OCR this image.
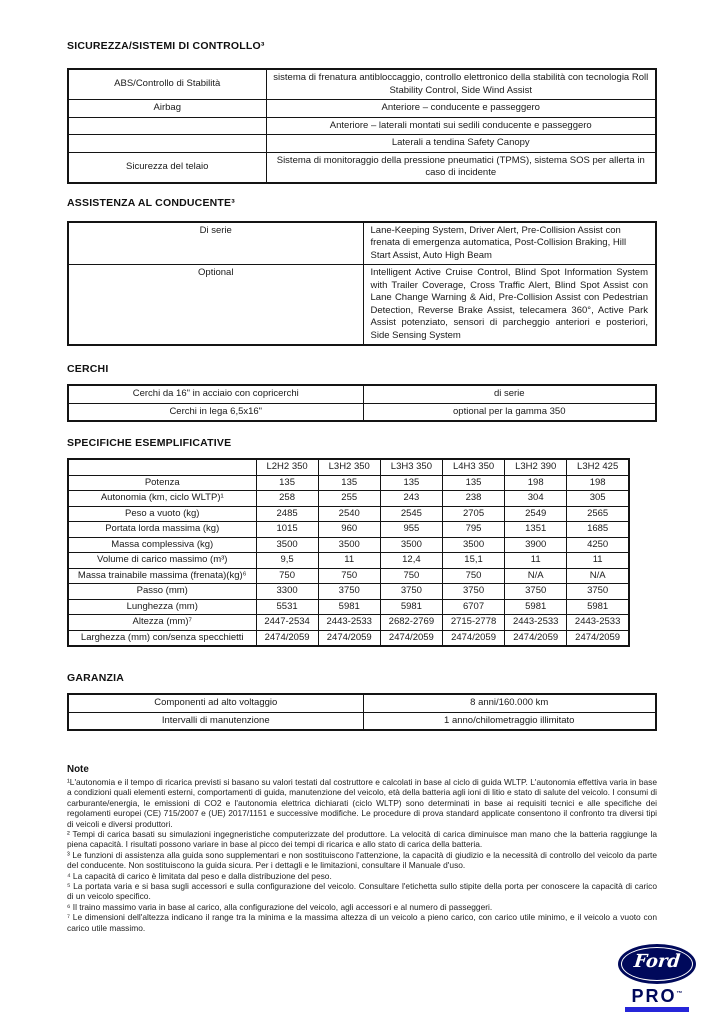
SICUREZZA/SISTEMI DI CONTROLLO³
ABS/Controllo di Stabilità	sistema di frenatura antibloccaggio, controllo elettronico della stabilità con tecnologia Roll Stability Control, Side Wind Assist
Airbag	Anteriore – conducente e passeggero
	Anteriore – laterali montati sui sedili conducente e passeggero
	Laterali a tendina Safety Canopy
Sicurezza del telaio	Sistema di monitoraggio della pressione pneumatici (TPMS), sistema SOS per allerta in caso di incidente
ASSISTENZA AL CONDUCENTE³
Di serie	Lane-Keeping System, Driver Alert, Pre-Collision Assist con frenata di emergenza automatica, Post-Collision Braking, Hill Start Assist, Auto High Beam
Optional	Intelligent Active Cruise Control, Blind Spot Information System with Trailer Coverage, Cross Traffic Alert, Blind Spot Assist con Lane Change Warning & Aid, Pre-Collision Assist con Pedestrian Detection, Reverse Brake Assist, telecamera 360°, Active Park Assist potenziato, sensori di parcheggio anteriori e posteriori, Side Sensing System
CERCHI
Cerchi da 16" in acciaio con copricerchi	di serie
Cerchi in lega 6,5x16"	optional per la gamma 350
SPECIFICHE ESEMPLIFICATIVE
	L2H2 350	L3H2 350	L3H3 350	L4H3 350	L3H2 390	L3H2 425
Potenza	135	135	135	135	198	198
Autonomia (km, ciclo WLTP)¹	258	255	243	238	304	305
Peso a vuoto (kg)	2485	2540	2545	2705	2549	2565
Portata lorda massima (kg)	1015	960	955	795	1351	1685
Massa complessiva (kg)	3500	3500	3500	3500	3900	4250
Volume di carico massimo (m³)	9,5	11	12,4	15,1	11	11
Massa trainabile massima (frenata)(kg)⁶	750	750	750	750	N/A	N/A
Passo (mm)	3300	3750	3750	3750	3750	3750
Lunghezza (mm)	5531	5981	5981	6707	5981	5981
Altezza (mm)⁷	2447-2534	2443-2533	2682-2769	2715-2778	2443-2533	2443-2533
Larghezza (mm) con/senza specchietti	2474/2059	2474/2059	2474/2059	2474/2059	2474/2059	2474/2059
GARANZIA
Componenti ad alto voltaggio	8 anni/160.000 km
Intervalli di manutenzione	1 anno/chilometraggio illimitato

Note

¹L'autonomia e il tempo di ricarica previsti si basano su valori testati dal costruttore e calcolati in base al ciclo di guida WLTP. L'autonomia effettiva varia in base a condizioni quali elementi esterni, comportamenti di guida, manutenzione del veicolo, età della batteria agli ioni di litio e stato di salute del veicolo. I consumi di carburante/energia, le emissioni di CO2 e l'autonomia elettrica dichiarati (ciclo WLTP) sono determinati in base ai requisiti tecnici e alle specifiche dei regolamenti europei (CE) 715/2007 e (UE) 2017/1151 e successive modifiche. Le procedure di prova standard applicate consentono il confronto tra diversi tipi di veicoli e diversi produttori.

² Tempi di carica basati su simulazioni ingegneristiche computerizzate del produttore. La velocità di carica diminuisce man mano che la batteria raggiunge la piena capacità. I risultati possono variare in base al picco dei tempi di ricarica e allo stato di carica della batteria.

³ Le funzioni di assistenza alla guida sono supplementari e non sostituiscono l'attenzione, la capacità di giudizio e la necessità di controllo del veicolo da parte del conducente. Non sostituiscono la guida sicura. Per i dettagli e le limitazioni, consultare il Manuale d'uso.

⁴ La capacità di carico è limitata dal peso e dalla distribuzione del peso.

⁵ La portata varia e si basa sugli accessori e sulla configurazione del veicolo. Consultare l'etichetta sullo stipite della porta per conoscere la capacità di carico di un veicolo specifico.

⁶ Il traino massimo varia in base al carico, alla configurazione del veicolo, agli accessori e al numero di passeggeri.

⁷ Le dimensioni dell'altezza indicano il range tra la minima e la massima altezza di un veicolo a pieno carico, con carico utile minimo, e il veicolo a vuoto con carico utile massimo.

Ford
PRO™
